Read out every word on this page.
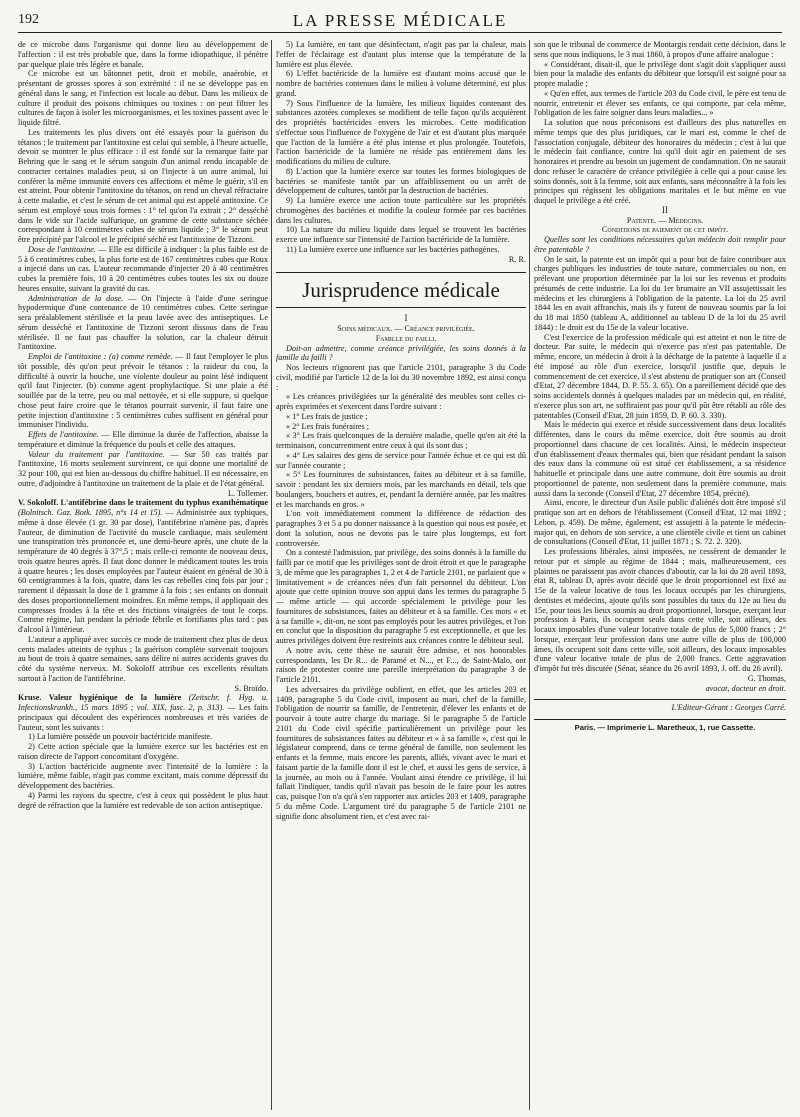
192	LA PRESSE MÉDICALE

de ce microbe dans l'organisme qui donne lieu au développement de l'affection : il est très probable que, dans la forme idiopathique, il pénètre par quelque plaie très légère et banale.

Ce microbe est un bâtonnet petit, droit et mobile, anaérobie, et présentant de grosses spores à son extrémité : il ne se développe pas en général dans le sang, et l'infection est locale au début. Dans les milieux de culture il produit des poisons chimiques ou toxines : on peut filtrer les cultures de façon à isoler les microorganismes, et les toxines passent avec le liquide filtré.

Les traitements les plus divers ont été essayés pour la guérison du tétanos ; le traitement par l'antitoxine est celui qui semble, à l'heure actuelle, devoir se montrer le plus efficace : il est fondé sur la remarque faite par Behring que le sang et le sérum sanguin d'un animal rendu incapable de contracter certaines maladies peut, si on l'injecte à un autre animal, lui conférer la même immunité envers ces affections et même le guérir, s'il en est atteint. Pour obtenir l'antitoxine du tétanos, on rend un cheval réfractaire à cette maladie, et c'est le sérum de cet animal qui est appelé antitoxine. Ce sérum est employé sous trois formes : 1° tel qu'on l'a extrait ; 2° desséché dans le vide sur l'acide sulfurique, un gramme de cette substance séchée correspondant à 10 centimètres cubes de sérum liquide ; 3° le sérum peut être précipité par l'alcool et le précipité séché est l'antitoxine de Tizzoni.

Dose de l'antitoxine. — Elle est difficile à indiquer : la plus faible est de 5 à 6 centimètres cubes, la plus forte est de 167 centimètres cubes que Roux a injecté dans un cas. L'auteur recommande d'injecter 20 à 40 centimètres cubes la première fois, 10 à 20 centimètres cubes toutes les six ou douze heures ensuite, suivant la gravité du cas.

Administration de la dose. — On l'injecte à l'aide d'une seringue hypodermique d'une contenance de 10 centimètres cubes. Cette seringue sera préalablement stérilisée et la peau lavée avec des antiseptiques. Le sérum desséché et l'antitoxine de Tizzoni seront dissous dans de l'eau stérilisée. Il ne faut pas chauffer la solution, car la chaleur détruit l'antitoxine.

Emploi de l'antitoxine : (a) comme remède. — Il faut l'employer le plus tôt possible, dès qu'on peut prévoir le tétanos : la raideur du cou, la difficulté à ouvrir la bouche, une violente douleur au point lésé indiquent qu'il faut l'injecter. (b) comme agent prophylactique. Si une plaie a été souillée par de la terre, peu ou mal nettoyée, et si elle suppure, si quelque chose peut faire croire que le tétanos pourrait survenir, il faut faire une petite injection d'antitoxine : 5 centimètres cubes suffisent en général pour immuniser l'individu.

Effets de l'antitoxine. — Elle diminue la durée de l'affection, abaisse la température et diminue la fréquence du pouls et celle des attaques.

Valeur du traitement par l'antitoxine. — Sur 50 cas traités par l'antitoxine, 16 morts seulement survinrent, ce qui donne une mortalité de 32 pour 100, qui est bien au-dessous du chiffre habituel. Il est nécessaire, en outre, d'adjoindre à l'antitoxine un traitement de la plaie et de l'état général.

L. Tollemer.

V. Sokoloff. L'antifébrine dans le traitement du typhus exanthématique (Bolnitsch. Gaz. Botk. 1895, n°s 14 et 15). — Administrée aux typhiques, même à dose élevée (1 gr. 30 par dose), l'antifébrine n'amène pas, d'après l'auteur, de diminution de l'activité du muscle cardiaque, mais seulement une transpiration très prononcée et, une demi-heure après, une chute de la température de 40 degrés à 37°,5 ; mais celle-ci remonte de nouveau deux, trois quatre heures après. Il faut donc donner le médicament toutes les trois à quatre heures ; les doses employées par l'auteur étaient en général de 30 à 60 centigrammes à la fois, quatre, dans les cas rebelles cinq fois par jour ; rarement il dépassait la dose de 1 gramme à la fois ; ses enfants on donnait des doses proportionnellement moindres. En même temps, il appliquait des compresses froides à la tête et des frictions vinaigrées de tout le corps. Comme régime, lait pendant la période fébrile et fortifiants plus tard : pas d'alcool à l'intérieur.

L'auteur a appliqué avec succès ce mode de traitement chez plus de deux cents malades atteints de typhus ; la guérison complète survenait toujours au bout de trois à quatre semaines, sans délire ni autres accidents graves du côté du système nerveux. M. Sokoloff attribue ces excellents résultats surtout à l'action de l'antifébrine.

S. Broïdo.

Kruse. Valeur hygiénique de la lumière (Zeitschr. f. Hyg. u. Infectionskrankh., 15 mars 1895 ; vol. XIX, fasc. 2, p. 313). — Les faits principaux qui découlent des expériences nombreuses et très variées de l'auteur, sont les suivants :

1) La lumière possède un pouvoir bactéricide manifeste.

2) Cette action spéciale que la lumière exerce sur les bactéries est en raison directe de l'apport concomitant d'oxygène.

3) L'action bactéricide augmente avec l'intensité de la lumière : la lumière, même faible, n'agit pas comme excitant, mais comme dépressif du développement des bactéries.

4) Parmi les rayons du spectre, c'est à ceux qui possèdent le plus haut degré de réfraction que la lumière est redevable de son action antiseptique.

5) La lumière, en tant que désinfectant, n'agit pas par la chaleur, mais l'effet de l'éclairage est d'autant plus intense que la température de la lumière est plus élevée.

6) L'effet bactéricide de la lumière est d'autant moins accusé que le nombre de bactéries contenues dans le milieu à volume déterminé, est plus grand.

7) Sous l'influence de la lumière, les milieux liquides contenant des substances azotées complexes se modifient de telle façon qu'ils acquièrent des propriétés bactéricides envers les microbes. Cette modification s'effectue sous l'influence de l'oxygène de l'air et est d'autant plus marquée que l'action de la lumière a été plus intense et plus prolongée. Toutefois, l'action bactéricide de la lumière ne réside pas entièrement dans les modifications du milieu de culture.

8) L'action que la lumière exerce sur toutes les formes biologiques de bactéries se manifeste tantôt par un affaiblissement ou un arrêt de développement de cultures, tantôt par la destruction de bactéries.

9) La lumière exerce une action toute particulière sur les propriétés chromogènes des bactéries et modifie la couleur formée par ces bactéries dans les cultures.

10) La nature du milieu liquide dans lequel se trouvent les bactéries exerce une influence sur l'intensité de l'action bactéricide de la lumière.

11) La lumière exerce une influence sur les bactéries pathogènes.

R. R.

Jurisprudence médicale

I

Soins médicaux. — Créance privilégiée.

Famille du failli.

Doit-on admettre, comme créance privilégiée, les soins donnés à la famille du failli ?

Nos lecteurs n'ignorent pas que l'article 2101, paragraphe 3 du Code civil, modifié par l'article 12 de la loi du 30 novembre 1892, est ainsi conçu :

« Les créances privilégiées sur la généralité des meubles sont celles ci-après exprimées et s'exercent dans l'ordre suivant :

« 1° Les frais de justice ;

« 2° Les frais funéraires ;

« 3° Les frais quelconques de la dernière maladie, quelle qu'en ait été la terminaison, concurremment entre ceux à qui ils sont dus ;

« 4° Les salaires des gens de service pour l'année échue et ce qui est dû sur l'année courante ;

« 5° Les fournitures de subsistances, faites au débiteur et à sa famille, savoir : pendant les six derniers mois, par les marchands en détail, tels que boulangers, bouchers et autres, et, pendant la dernière année, par les maîtres et les marchands en gros. »

L'on voit immédiatement comment la différence de rédaction des paragraphes 3 et 5 a pu donner naissance à la question qui nous est posée, et dont la solution, nous ne devons pas le taire plus longtemps, est fort controversée.

On a contesté l'admission, par privilège, des soins donnés à la famille du failli par ce motif que les privilèges sont de droit étroit et que le paragraphe 3, de même que les paragraphes 1, 2 et 4 de l'article 2101, ne parlaient que « limitativement » de créances nées d'un fait personnel du débiteur. L'on ajoute que cette opinion trouve son appui dans les termes du paragraphe 5 — même article — qui accorde spécialement le privilège pour les fournitures de subsistances, faites au débiteur et à sa famille. Ces mots « et à sa famille », dit-on, ne sont pas employés pour les autres privilèges, et l'on en conclut que la disposition du paragraphe 5 est exceptionnelle, et que les autres privilèges doivent être restreints aux créances contre le débiteur seul.

A notre avis, cette thèse ne saurait être admise, et nos honorables correspondants, les Dr R... de Paramé et N..., et F..., de Saint-Malo, ont raison de protester contre une pareille interprétation du paragraphe 3 de l'article 2101.

Les adversaires du privilège oublient, en effet, que les articles 203 et 1409, paragraphe 5 du Code civil, imposent au mari, chef de la famille, l'obligation de nourrir sa famille, de l'entretenir, d'élever les enfants et de pourvoir à toute autre charge du mariage. Si le paragraphe 5 de l'article 2101 du Code civil spécifie particulièrement un privilège pour les fournitures de subsistances faites au débiteur et « à sa famille », c'est qui le législateur comprend, dans ce terme général de famille, non seulement les enfants et la femme, mais encore les parents, alliés, vivant avec le mari et faisant partie de la famille dont il est le chef, et aussi les gens de service, à la journée, au mois ou à l'année. Voulant ainsi étendre ce privilège, il lui fallait l'indiquer, tandis qu'il n'avait pas besoin de le faire pour les autres cas, puisque l'on n'a qu'à s'en rapporter aux articles 203 et 1409, paragraphe 5 du même Code. L'argument tiré du paragraphe 5 de l'article 2101 ne signifie donc absolument rien, et c'est avec rai-

son que le tribunal de commerce de Montargis rendait cette décision, dans le sens que nous indiquons, le 3 mai 1860, à propos d'une affaire analogue :

« Considérant, disait-il, que le privilège dont s'agit doit s'appliquer aussi bien pour la maladie des enfants du débiteur que lorsqu'il est soigné pour sa propre maladie ;

« Qu'en effet, aux termes de l'article 203 du Code civil, le père est tenu de nourrir, entretenir et élever ses enfants, ce qui comporte, par cela même, l'obligation de les faire soigner dans leurs maladies... »

La solution que nous préconisons est d'ailleurs des plus naturelles en même temps que des plus juridiques, car le mari est, comme le chef de l'association conjugale, débiteur des honoraires du médecin ; c'est à lui que le médecin fait confiance, contre lui qu'il doit agir en paiement de ses honoraires et prendre au besoin un jugement de condamnation. On ne saurait donc refuser le caractère de créance privilégiée à celle qui a pour cause les soins donnés, soit à la femme, soit aux enfants, sans méconnaître à la fois les principes qui régissent les obligations maritales et le but même en vue duquel le privilège a été créé.

II

Patente. — Médecins.

Conditions de paiement de cet impôt.

Quelles sont les conditions nécessaires qu'un médecin doit remplir pour être patentable ?

On le sait, la patente est un impôt qui a pour but de faire contribuer aux charges publiques les industries de toute nature, commerciales ou non, en prélevant une proportion déterminée par la loi sur les revenus et produits présumés de cette industrie. La loi du 1er brumaire an VII assujettissait les médecins et les chirurgiens à l'obligation de la patente. La loi du 25 avril 1844 les en avait affranchis, mais ils y furent de nouveau soumis par la loi du 18 mai 1850 (tableau A, additionnel au tableau D de la loi du 25 avril 1844) : le droit est du 15e de la valeur locative.

C'est l'exercice de la profession médicale qui est atteint et non le titre de docteur. Par suite, le médecin qui n'exerce pas n'est pas patentable. De même, encore, un médecin à droit à la décharge de la patente à laquelle il a été imposé au rôle d'un exercice, lorsqu'il justifie que, depuis le commencement de cet exercice, il s'est abstenu de pratiquer son art (Conseil d'Etat, 27 décembre 1844, D. P. 55. 3. 65). On a pareillement décidé que des soins accidentels donnés à quelques malades par un médecin qui, en réalité, n'exerce plus son art, ne suffiraient pas pour qu'il pût être rétabli au rôle des patentables (Conseil d'Etat, 28 juin 1859, D. P. 60. 3. 330).

Mais le médecin qui exerce et réside successivement dans deux localités différentes, dans le cours du même exercice, doit être soumis au droit proportionnel dans chacune de ces localités. Ainsi, le médecin inspecteur d'un établissement d'eaux thermales qui, bien que résidant pendant la saison des eaux dans la commune où est situé cet établissement, a sa résidence habituelle et principale dans une autre commune, doit être soumis au droit proportionnel de patente, non seulement dans la première commune, mais aussi dans la seconde (Conseil d'Etat, 27 décembre 1854, précité).

Ainsi, encore, le directeur d'un Asile public d'aliénés doit être imposé s'il pratique son art en dehors de l'établissement (Conseil d'Etat, 12 mai 1892 ; Lebon, p. 459). De même, également, est assujetti à la patente le médecin-major qui, en dehors de son service, a une clientèle civile et tient un cabinet de consultations (Conseil d'Etat, 11 juillet 1871 ; S. 72. 2. 320).

Les professions libérales, ainsi imposées, ne cessèrent de demander le retour pur et simple au régime de 1844 ; mais, malheureusement, ces plaintes ne paraissent pas avoir chances d'aboutir, car la loi du 28 avril 1893, état R, tableau D, après avoir décidé que le droit proportionnel est fixé au 15e de la valeur locative de tous les locaux occupés par les chirurgiens, dentistes et médecins, ajoute qu'ils sont passibles du taux du 12e au lieu du 15e, pour tous les lieux soumis au droit proportionnel, lorsque, exerçant leur profession à Paris, ils occupent seuls dans cette ville, soit ailleurs, des locaux imposables d'une valeur locative totale de plus de 5,000 francs ; 2° lorsque, exerçant leur profession dans une autre ville de plus de 100,000 âmes, ils occupent soit dans cette ville, soit ailleurs, des locaux imposables d'une valeur locative totale de plus de 2,000 francs. Cette aggravation d'impôt fut très discutée (Sénat, séance du 26 avril 1893, J. off. du 26 avril).

G. Thomas,

avocat, docteur en droit.

L'Editeur-Gérant : Georges Carré.

Paris. — Imprimerie L. Maretheux, 1, rue Cassette.
